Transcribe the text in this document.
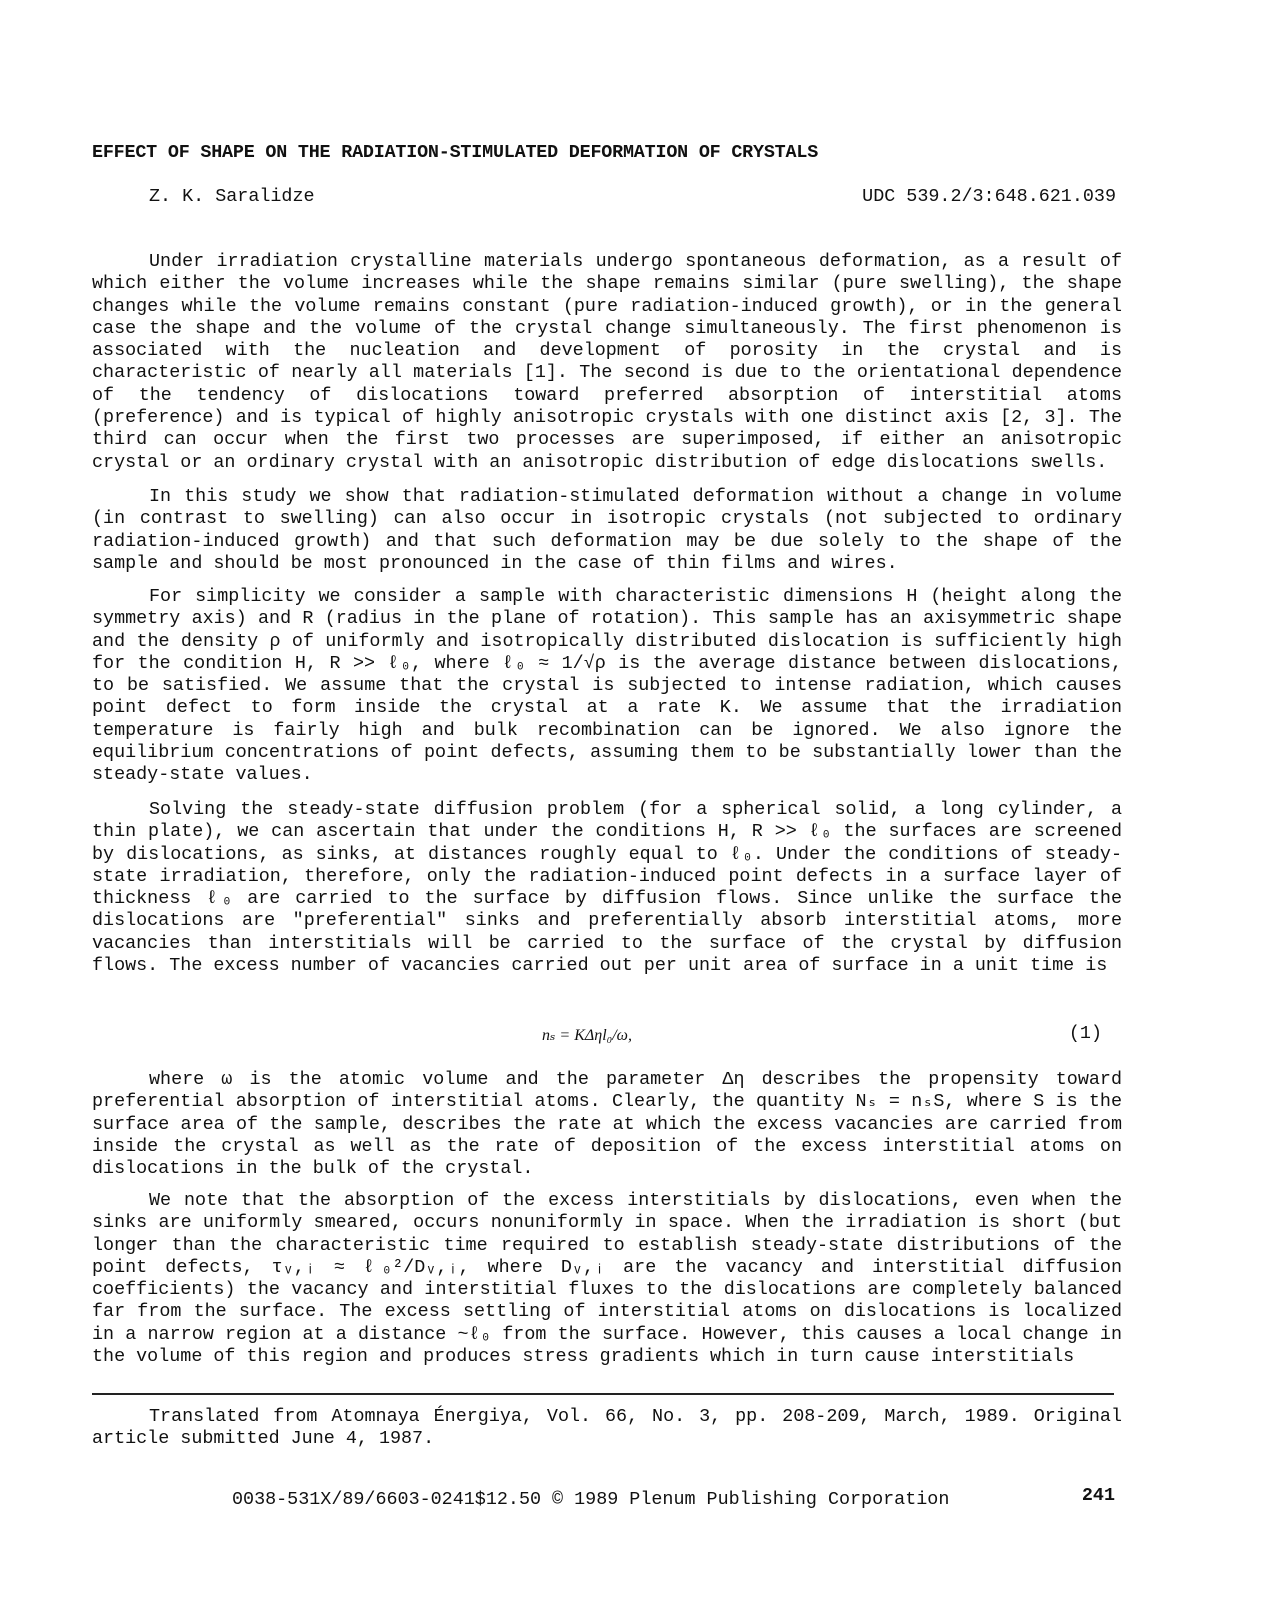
EFFECT OF SHAPE ON THE RADIATION-STIMULATED DEFORMATION OF CRYSTALS
Z. K. Saralidze	UDC 539.2/3:648.621.039

Under irradiation crystalline materials undergo spontaneous deformation, as a result of which either the volume increases while the shape remains similar (pure swelling), the shape changes while the volume remains constant (pure radiation-induced growth), or in the general case the shape and the volume of the crystal change simultaneously. The first phenomenon is associated with the nucleation and development of porosity in the crystal and is characteristic of nearly all materials [1]. The second is due to the orientational dependence of the tendency of dislocations toward preferred absorption of interstitial atoms (preference) and is typical of highly anisotropic crystals with one distinct axis [2, 3]. The third can occur when the first two processes are superimposed, if either an anisotropic crystal or an ordinary crystal with an anisotropic distribution of edge dislocations swells.

In this study we show that radiation-stimulated deformation without a change in volume (in contrast to swelling) can also occur in isotropic crystals (not subjected to ordinary radiation-induced growth) and that such deformation may be due solely to the shape of the sample and should be most pronounced in the case of thin films and wires.

For simplicity we consider a sample with characteristic dimensions H (height along the symmetry axis) and R (radius in the plane of rotation). This sample has an axisymmetric shape and the density ρ of uniformly and isotropically distributed dislocation is sufficiently high for the condition H, R >> ℓ₀, where ℓ₀ ≈ 1/√ρ is the average distance between dislocations, to be satisfied. We assume that the crystal is subjected to intense radiation, which causes point defect to form inside the crystal at a rate K. We assume that the irradiation temperature is fairly high and bulk recombination can be ignored. We also ignore the equilibrium concentrations of point defects, assuming them to be substantially lower than the steady-state values.

Solving the steady-state diffusion problem (for a spherical solid, a long cylinder, a thin plate), we can ascertain that under the conditions H, R >> ℓ₀ the surfaces are screened by dislocations, as sinks, at distances roughly equal to ℓ₀. Under the conditions of steady-state irradiation, therefore, only the radiation-induced point defects in a surface layer of thickness ℓ₀ are carried to the surface by diffusion flows. Since unlike the surface the dislocations are "preferential" sinks and preferentially absorb interstitial atoms, more vacancies than interstitials will be carried to the surface of the crystal by diffusion flows. The excess number of vacancies carried out per unit area of surface in a unit time is

nₛ = KΔηl₀/ω,	(1)

where ω is the atomic volume and the parameter Δη describes the propensity toward preferential absorption of interstitial atoms. Clearly, the quantity Nₛ = nₛS, where S is the surface area of the sample, describes the rate at which the excess vacancies are carried from inside the crystal as well as the rate of deposition of the excess interstitial atoms on dislocations in the bulk of the crystal.

We note that the absorption of the excess interstitials by dislocations, even when the sinks are uniformly smeared, occurs nonuniformly in space. When the irradiation is short (but longer than the characteristic time required to establish steady-state distributions of the point defects, τᵥ,ᵢ ≈ ℓ₀²/Dᵥ,ᵢ, where Dᵥ,ᵢ are the vacancy and interstitial diffusion coefficients) the vacancy and interstitial fluxes to the dislocations are completely balanced far from the surface. The excess settling of interstitial atoms on dislocations is localized in a narrow region at a distance ~ℓ₀ from the surface. However, this causes a local change in the volume of this region and produces stress gradients which in turn cause interstitials

Translated from Atomnaya Énergiya, Vol. 66, No. 3, pp. 208-209, March, 1989. Original article submitted June 4, 1987.

0038-531X/89/6603-0241$12.50 © 1989 Plenum Publishing Corporation	241
